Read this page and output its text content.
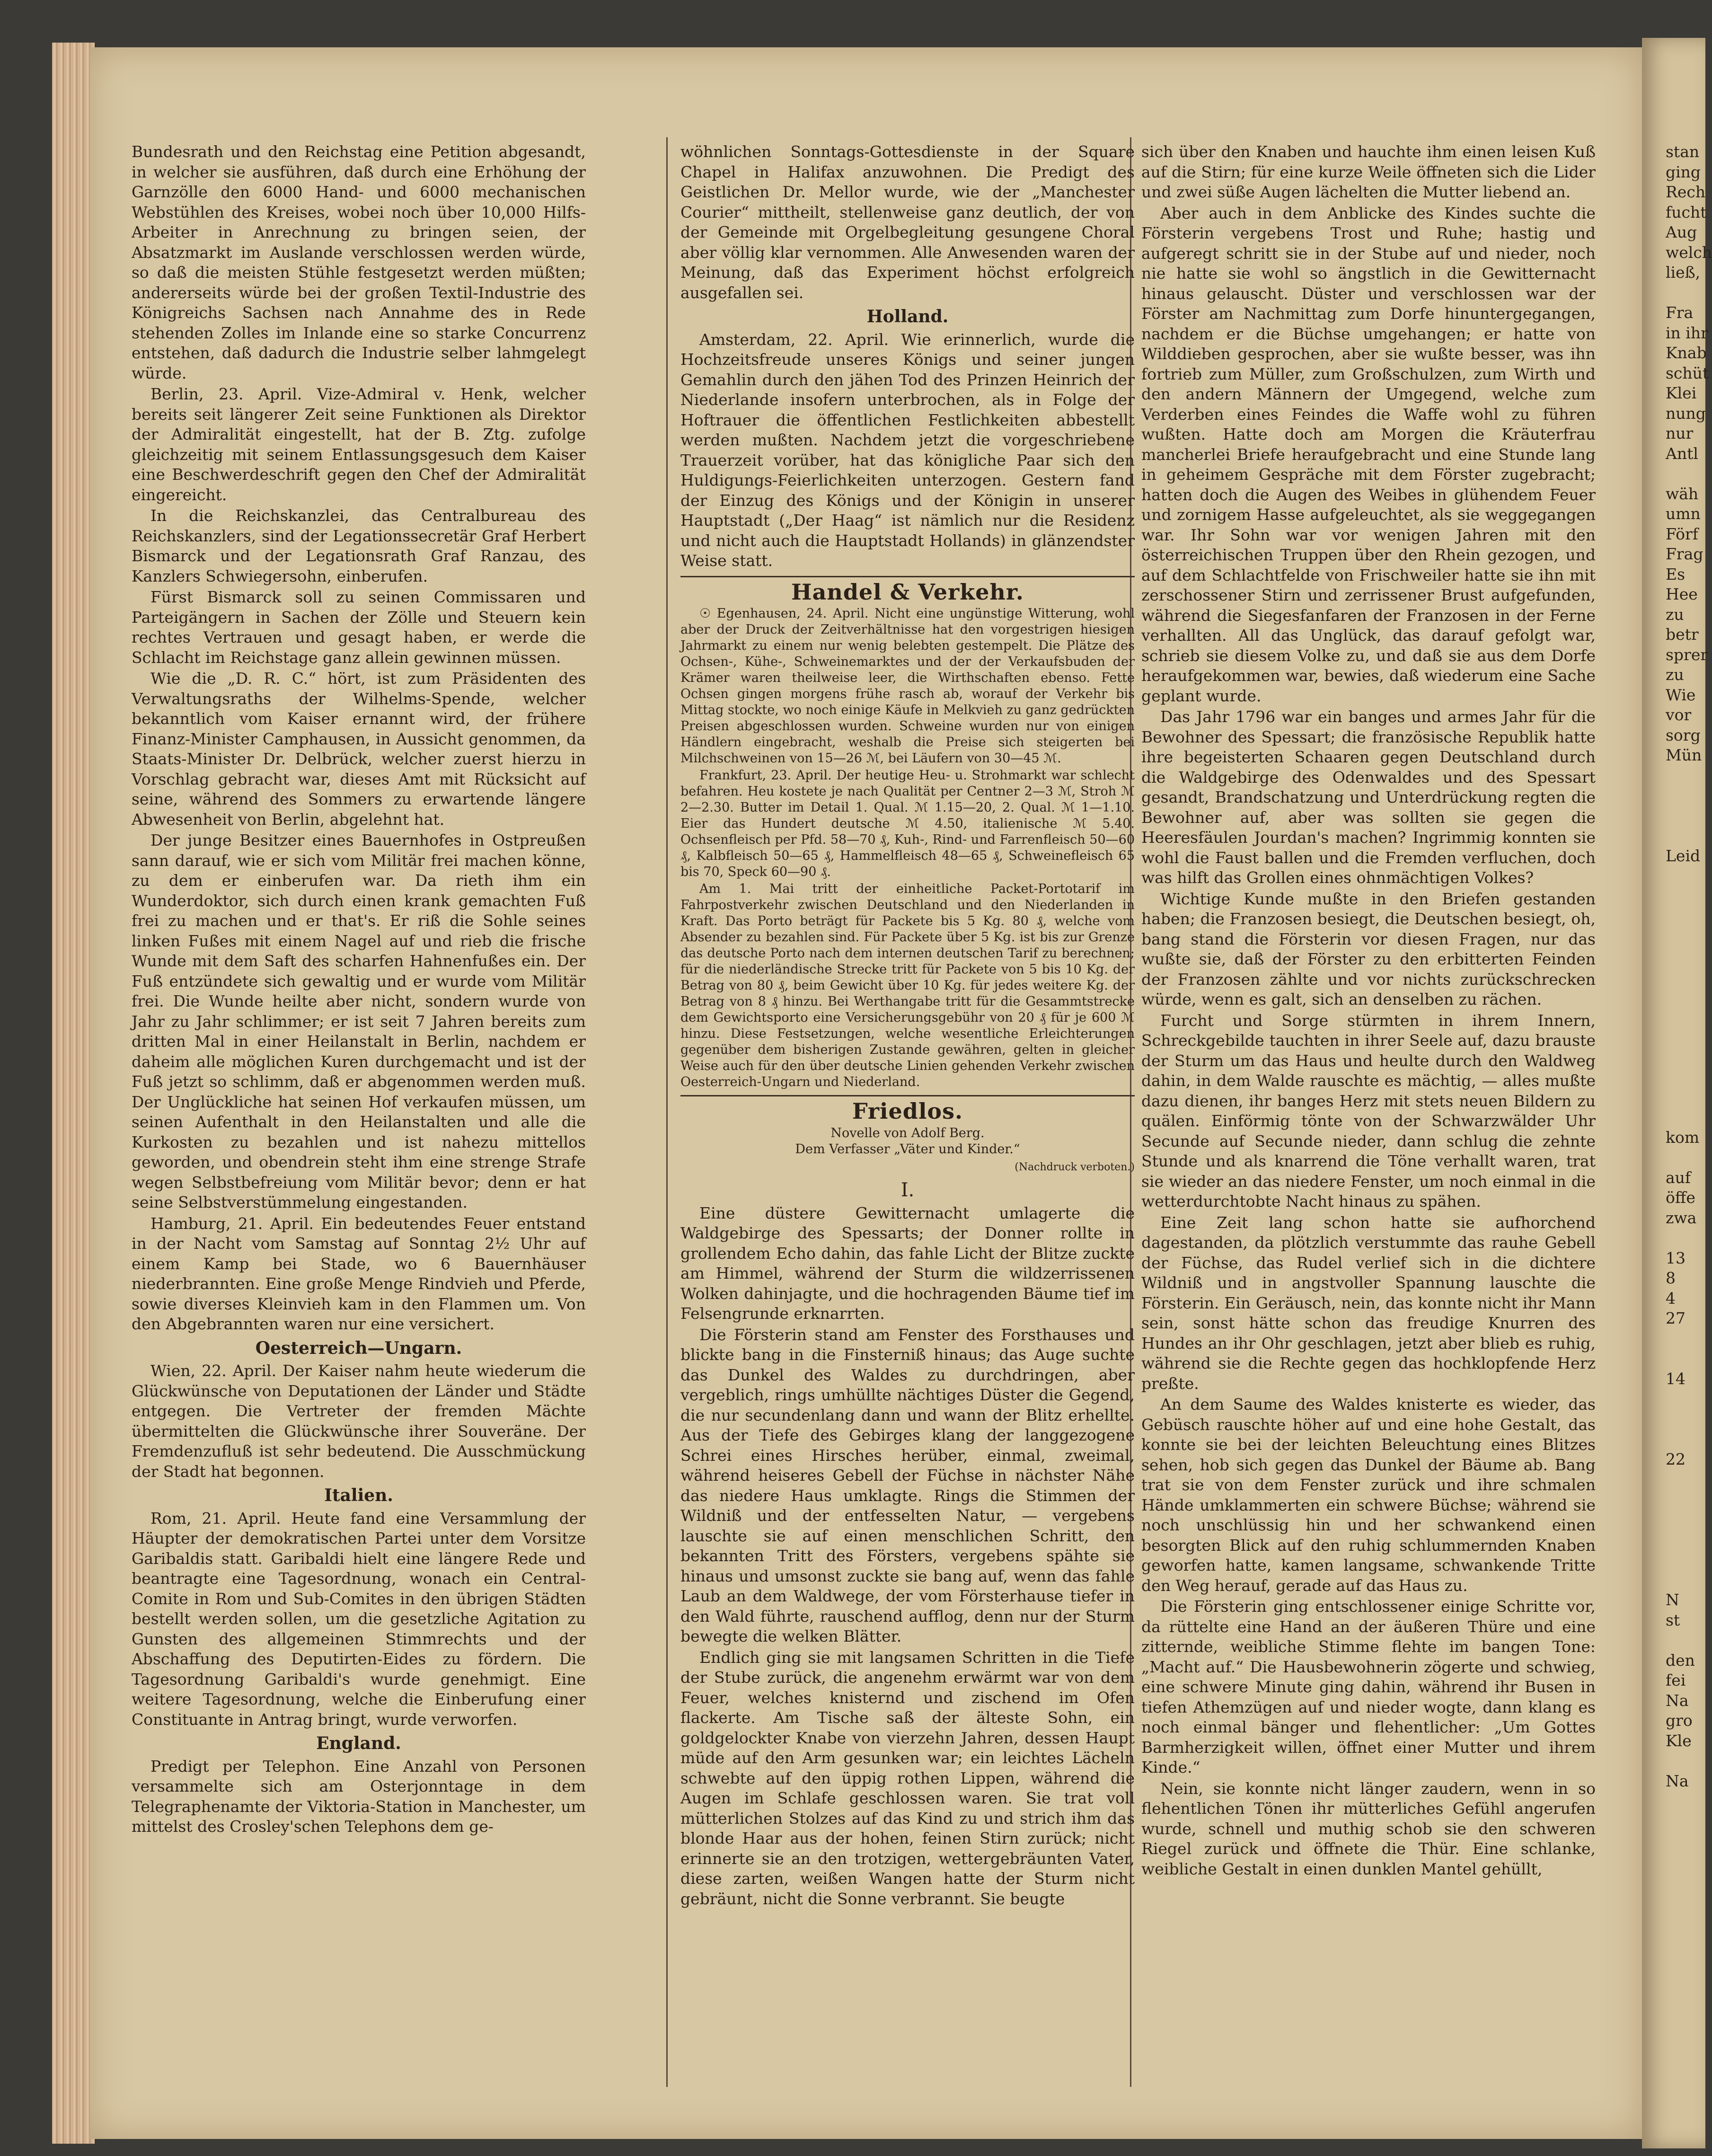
Bundesrath und den Reichstag eine Petition abgesandt, in welcher sie ausführen, daß durch eine Erhöhung der Garnzölle den 6000 Hand- und 6000 mechanischen Webstühlen des Kreises, wobei noch über 10,000 Hilfs-Arbeiter in Anrechnung zu bringen seien, der Absatzmarkt im Auslande verschlossen werden würde, so daß die meisten Stühle festgesetzt werden müßten; andererseits würde bei der großen Textil-Industrie des Königreichs Sachsen nach Annahme des in Rede stehenden Zolles im Inlande eine so starke Concurrenz entstehen, daß dadurch die Industrie selber lahmgelegt würde.

Berlin, 23. April. Vize-Admiral v. Henk, welcher bereits seit längerer Zeit seine Funktionen als Direktor der Admiralität eingestellt, hat der B. Ztg. zufolge gleichzeitig mit seinem Entlassungsgesuch dem Kaiser eine Beschwerdeschrift gegen den Chef der Admiralität eingereicht.

In die Reichskanzlei, das Centralbureau des Reichskanzlers, sind der Legationssecretär Graf Herbert Bismarck und der Legationsrath Graf Ranzau, des Kanzlers Schwiegersohn, einberufen.

Fürst Bismarck soll zu seinen Commissaren und Parteigängern in Sachen der Zölle und Steuern kein rechtes Vertrauen und gesagt haben, er werde die Schlacht im Reichstage ganz allein gewinnen müssen.

Wie die „D. R. C.“ hört, ist zum Präsidenten des Verwaltungsraths der Wilhelms-Spende, welcher bekanntlich vom Kaiser ernannt wird, der frühere Finanz-Minister Camphausen, in Aussicht genommen, da Staats-Minister Dr. Delbrück, welcher zuerst hierzu in Vorschlag gebracht war, dieses Amt mit Rücksicht auf seine, während des Sommers zu erwartende längere Abwesenheit von Berlin, abgelehnt hat.

Der junge Besitzer eines Bauernhofes in Ostpreußen sann darauf, wie er sich vom Militär frei machen könne, zu dem er einberufen war. Da rieth ihm ein Wunderdoktor, sich durch einen krank gemachten Fuß frei zu machen und er that's. Er riß die Sohle seines linken Fußes mit einem Nagel auf und rieb die frische Wunde mit dem Saft des scharfen Hahnenfußes ein. Der Fuß entzündete sich gewaltig und er wurde vom Militär frei. Die Wunde heilte aber nicht, sondern wurde von Jahr zu Jahr schlimmer; er ist seit 7 Jahren bereits zum dritten Mal in einer Heilanstalt in Berlin, nachdem er daheim alle möglichen Kuren durchgemacht und ist der Fuß jetzt so schlimm, daß er abgenommen werden muß. Der Unglückliche hat seinen Hof verkaufen müssen, um seinen Aufenthalt in den Heilanstalten und alle die Kurkosten zu bezahlen und ist nahezu mittellos geworden, und obendrein steht ihm eine strenge Strafe wegen Selbstbefreiung vom Militär bevor; denn er hat seine Selbstverstümmelung eingestanden.

Hamburg, 21. April. Ein bedeutendes Feuer entstand in der Nacht vom Samstag auf Sonntag 2½ Uhr auf einem Kamp bei Stade, wo 6 Bauernhäuser niederbrannten. Eine große Menge Rindvieh und Pferde, sowie diverses Kleinvieh kam in den Flammen um. Von den Abgebrannten waren nur eine versichert.

Oesterreich—Ungarn.

Wien, 22. April. Der Kaiser nahm heute wiederum die Glückwünsche von Deputationen der Länder und Städte entgegen. Die Vertreter der fremden Mächte übermittelten die Glückwünsche ihrer Souveräne. Der Fremdenzufluß ist sehr bedeutend. Die Ausschmückung der Stadt hat begonnen.

Italien.

Rom, 21. April. Heute fand eine Versammlung der Häupter der demokratischen Partei unter dem Vorsitze Garibaldis statt. Garibaldi hielt eine längere Rede und beantragte eine Tagesordnung, wonach ein Central-Comite in Rom und Sub-Comites in den übrigen Städten bestellt werden sollen, um die gesetzliche Agitation zu Gunsten des allgemeinen Stimmrechts und der Abschaffung des Deputirten-Eides zu fördern. Die Tagesordnung Garibaldi's wurde genehmigt. Eine weitere Tagesordnung, welche die Einberufung einer Constituante in Antrag bringt, wurde verworfen.

England.

Predigt per Telephon. Eine Anzahl von Personen versammelte sich am Osterjonntage in dem Telegraphenamte der Viktoria-Station in Manchester, um mittelst des Crosley'schen Telephons dem ge-

wöhnlichen Sonntags-Gottesdienste in der Square Chapel in Halifax anzuwohnen. Die Predigt des Geistlichen Dr. Mellor wurde, wie der „Manchester Courier“ mittheilt, stellenweise ganz deutlich, der von der Gemeinde mit Orgelbegleitung gesungene Choral aber völlig klar vernommen. Alle Anwesenden waren der Meinung, daß das Experiment höchst erfolgreich ausgefallen sei.

Holland.

Amsterdam, 22. April. Wie erinnerlich, wurde die Hochzeitsfreude unseres Königs und seiner jungen Gemahlin durch den jähen Tod des Prinzen Heinrich der Niederlande insofern unterbrochen, als in Folge der Hoftrauer die öffentlichen Festlichkeiten abbestellt werden mußten. Nachdem jetzt die vorgeschriebene Trauerzeit vorüber, hat das königliche Paar sich den Huldigungs-Feierlichkeiten unterzogen. Gestern fand der Einzug des Königs und der Königin in unserer Hauptstadt („Der Haag“ ist nämlich nur die Residenz und nicht auch die Hauptstadt Hollands) in glänzendster Weise statt.

Handel & Verkehr.

☉ Egenhausen, 24. April. Nicht eine ungünstige Witterung, wohl aber der Druck der Zeitverhältnisse hat den vorgestrigen hiesigen Jahrmarkt zu einem nur wenig belebten gestempelt. Die Plätze des Ochsen-, Kühe-, Schweinemarktes und der der Verkaufsbuden der Krämer waren theilweise leer, die Wirthschaften ebenso. Fette Ochsen gingen morgens frühe rasch ab, worauf der Verkehr bis Mittag stockte, wo noch einige Käufe in Melkvieh zu ganz gedrückten Preisen abgeschlossen wurden. Schweine wurden nur von einigen Händlern eingebracht, weshalb die Preise sich steigerten bei Milchschweinen von 15—26 ℳ, bei Läufern von 30—45 ℳ.

Frankfurt, 23. April. Der heutige Heu- u. Strohmarkt war schlecht befahren. Heu kostete je nach Qualität per Centner 2—3 ℳ, Stroh ℳ 2—2.30. Butter im Detail 1. Qual. ℳ 1.15—20, 2. Qual. ℳ 1—1.10. Eier das Hundert deutsche ℳ 4.50, italienische ℳ 5.40. Ochsenfleisch per Pfd. 58—70 ₰, Kuh-, Rind- und Farrenfleisch 50—60 ₰, Kalbfleisch 50—65 ₰, Hammelfleisch 48—65 ₰, Schweinefleisch 65 bis 70, Speck 60—90 ₰.

Am 1. Mai tritt der einheitliche Packet-Portotarif im Fahrpostverkehr zwischen Deutschland und den Niederlanden in Kraft. Das Porto beträgt für Packete bis 5 Kg. 80 ₰, welche vom Absender zu bezahlen sind. Für Packete über 5 Kg. ist bis zur Grenze das deutsche Porto nach dem internen deutschen Tarif zu berechnen; für die niederländische Strecke tritt für Packete von 5 bis 10 Kg. der Betrag von 80 ₰, beim Gewicht über 10 Kg. für jedes weitere Kg. der Betrag von 8 ₰ hinzu. Bei Werthangabe tritt für die Gesammtstrecke dem Gewichtsporto eine Versicherungsgebühr von 20 ₰ für je 600 ℳ hinzu. Diese Festsetzungen, welche wesentliche Erleichterungen gegenüber dem bisherigen Zustande gewähren, gelten in gleicher Weise auch für den über deutsche Linien gehenden Verkehr zwischen Oesterreich-Ungarn und Niederland.

Friedlos.
Novelle von Adolf Berg.
Dem Verfasser „Väter und Kinder.“
(Nachdruck verboten.)
I.

Eine düstere Gewitternacht umlagerte die Waldgebirge des Spessarts; der Donner rollte in grollendem Echo dahin, das fahle Licht der Blitze zuckte am Himmel, während der Sturm die wildzerrissenen Wolken dahinjagte, und die hochragenden Bäume tief im Felsengrunde erknarrten.

Die Försterin stand am Fenster des Forsthauses und blickte bang in die Finsterniß hinaus; das Auge suchte das Dunkel des Waldes zu durchdringen, aber vergeblich, rings umhüllte nächtiges Düster die Gegend, die nur secundenlang dann und wann der Blitz erhellte. Aus der Tiefe des Gebirges klang der langgezogene Schrei eines Hirsches herüber, einmal, zweimal, während heiseres Gebell der Füchse in nächster Nähe das niedere Haus umklagte. Rings die Stimmen der Wildniß und der entfesselten Natur, — vergebens lauschte sie auf einen menschlichen Schritt, den bekannten Tritt des Försters, vergebens spähte sie hinaus und umsonst zuckte sie bang auf, wenn das fahle Laub an dem Waldwege, der vom Försterhause tiefer in den Wald führte, rauschend aufflog, denn nur der Sturm bewegte die welken Blätter.

Endlich ging sie mit langsamen Schritten in die Tiefe der Stube zurück, die angenehm erwärmt war von dem Feuer, welches knisternd und zischend im Ofen flackerte. Am Tische saß der älteste Sohn, ein goldgelockter Knabe von vierzehn Jahren, dessen Haupt müde auf den Arm gesunken war; ein leichtes Lächeln schwebte auf den üppig rothen Lippen, während die Augen im Schlafe geschlossen waren. Sie trat voll mütterlichen Stolzes auf das Kind zu und strich ihm das blonde Haar aus der hohen, feinen Stirn zurück; nicht erinnerte sie an den trotzigen, wettergebräunten Vater, diese zarten, weißen Wangen hatte der Sturm nicht gebräunt, nicht die Sonne verbrannt. Sie beugte

sich über den Knaben und hauchte ihm einen leisen Kuß auf die Stirn; für eine kurze Weile öffneten sich die Lider und zwei süße Augen lächelten die Mutter liebend an.

Aber auch in dem Anblicke des Kindes suchte die Försterin vergebens Trost und Ruhe; hastig und aufgeregt schritt sie in der Stube auf und nieder, noch nie hatte sie wohl so ängstlich in die Gewitternacht hinaus gelauscht. Düster und verschlossen war der Förster am Nachmittag zum Dorfe hinuntergegangen, nachdem er die Büchse umgehangen; er hatte von Wilddieben gesprochen, aber sie wußte besser, was ihn fortrieb zum Müller, zum Großschulzen, zum Wirth und den andern Männern der Umgegend, welche zum Verderben eines Feindes die Waffe wohl zu führen wußten. Hatte doch am Morgen die Kräuterfrau mancherlei Briefe heraufgebracht und eine Stunde lang in geheimem Gespräche mit dem Förster zugebracht; hatten doch die Augen des Weibes in glühendem Feuer und zornigem Hasse aufgeleuchtet, als sie weggegangen war. Ihr Sohn war vor wenigen Jahren mit den österreichischen Truppen über den Rhein gezogen, und auf dem Schlachtfelde von Frischweiler hatte sie ihn mit zerschossener Stirn und zerrissener Brust aufgefunden, während die Siegesfanfaren der Franzosen in der Ferne verhallten. All das Unglück, das darauf gefolgt war, schrieb sie diesem Volke zu, und daß sie aus dem Dorfe heraufgekommen war, bewies, daß wiederum eine Sache geplant wurde.

Das Jahr 1796 war ein banges und armes Jahr für die Bewohner des Spessart; die französische Republik hatte ihre begeisterten Schaaren gegen Deutschland durch die Waldgebirge des Odenwaldes und des Spessart gesandt, Brandschatzung und Unterdrückung regten die Bewohner auf, aber was sollten sie gegen die Heeresfäulen Jourdan's machen? Ingrimmig konnten sie wohl die Faust ballen und die Fremden verfluchen, doch was hilft das Grollen eines ohnmächtigen Volkes?

Wichtige Kunde mußte in den Briefen gestanden haben; die Franzosen besiegt, die Deutschen besiegt, oh, bang stand die Försterin vor diesen Fragen, nur das wußte sie, daß der Förster zu den erbitterten Feinden der Franzosen zählte und vor nichts zurückschrecken würde, wenn es galt, sich an denselben zu rächen.

Furcht und Sorge stürmten in ihrem Innern, Schreckgebilde tauchten in ihrer Seele auf, dazu brauste der Sturm um das Haus und heulte durch den Waldweg dahin, in dem Walde rauschte es mächtig, — alles mußte dazu dienen, ihr banges Herz mit stets neuen Bildern zu quälen. Einförmig tönte von der Schwarzwälder Uhr Secunde auf Secunde nieder, dann schlug die zehnte Stunde und als knarrend die Töne verhallt waren, trat sie wieder an das niedere Fenster, um noch einmal in die wetterdurchtobte Nacht hinaus zu spähen.

Eine Zeit lang schon hatte sie aufhorchend dagestanden, da plötzlich verstummte das rauhe Gebell der Füchse, das Rudel verlief sich in die dichtere Wildniß und in angstvoller Spannung lauschte die Försterin. Ein Geräusch, nein, das konnte nicht ihr Mann sein, sonst hätte schon das freudige Knurren des Hundes an ihr Ohr geschlagen, jetzt aber blieb es ruhig, während sie die Rechte gegen das hochklopfende Herz preßte.

An dem Saume des Waldes knisterte es wieder, das Gebüsch rauschte höher auf und eine hohe Gestalt, das konnte sie bei der leichten Beleuchtung eines Blitzes sehen, hob sich gegen das Dunkel der Bäume ab. Bang trat sie von dem Fenster zurück und ihre schmalen Hände umklammerten ein schwere Büchse; während sie noch unschlüssig hin und her schwankend einen besorgten Blick auf den ruhig schlummernden Knaben geworfen hatte, kamen langsame, schwankende Tritte den Weg herauf, gerade auf das Haus zu.

Die Försterin ging entschlossener einige Schritte vor, da rüttelte eine Hand an der äußeren Thüre und eine zitternde, weibliche Stimme flehte im bangen Tone: „Macht auf.“ Die Hausbewohnerin zögerte und schwieg, eine schwere Minute ging dahin, während ihr Busen in tiefen Athemzügen auf und nieder wogte, dann klang es noch einmal bänger und flehentlicher: „Um Gottes Barmherzigkeit willen, öffnet einer Mutter und ihrem Kinde.“

Nein, sie konnte nicht länger zaudern, wenn in so flehentlichen Tönen ihr mütterliches Gefühl angerufen wurde, schnell und muthig schob sie den schweren Riegel zurück und öffnete die Thür. Eine schlanke, weibliche Gestalt in einen dunklen Mantel gehüllt,

stan
ging
Rech
fucht
Aug
welch
ließ,
Fra
in ihr
Knab
schüt
Klei
nung
nur
Antl
wäh
umn
Förf
Frag
Es
Hee
zu
betr
sprer
zu
Wie
vor
sorg
Mün
Leid
kom
auf
öffe
zwa
13
8
4
27
14
22
N
st
den
fei
Na
gro
Kle
Na
